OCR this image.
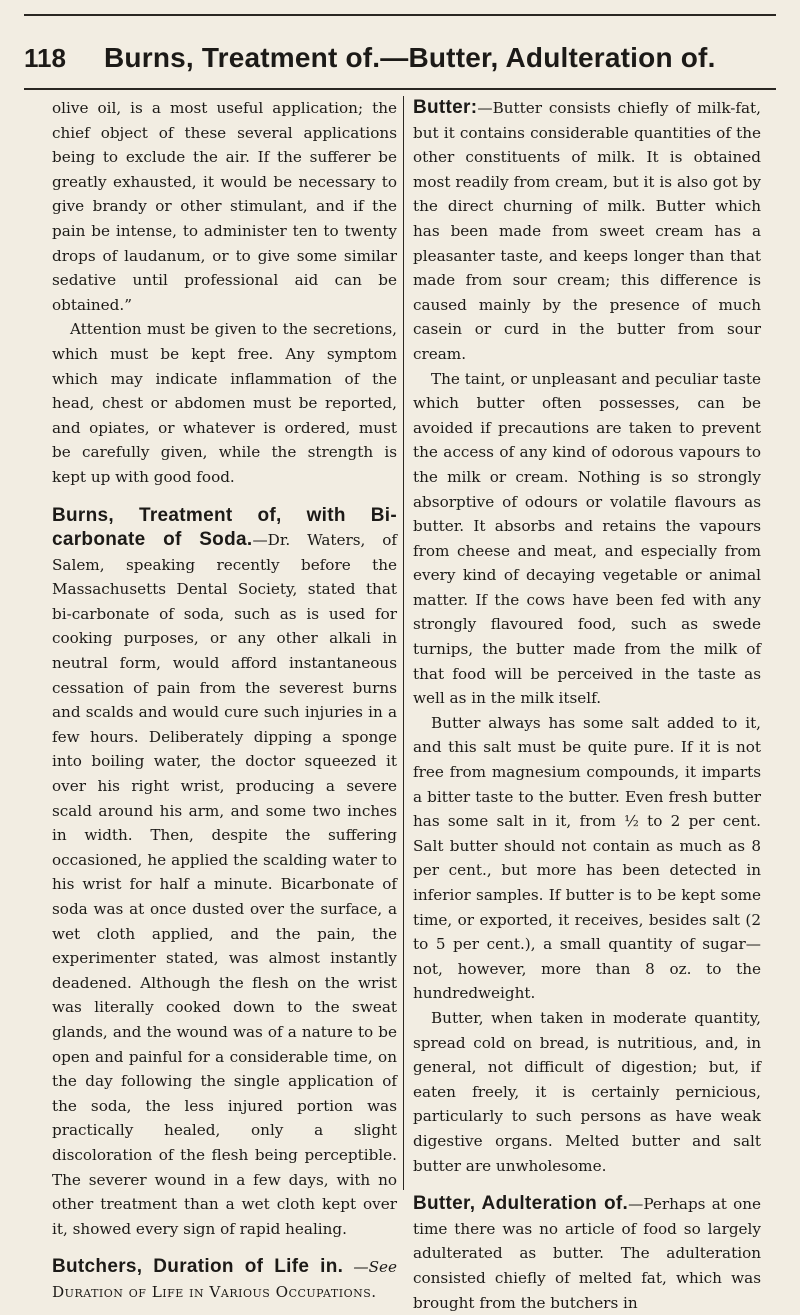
118	Burns, Treatment of.—Butter, Adulteration of.

olive oil, is a most useful application; the chief object of these several applications being to exclude the air. If the sufferer be greatly exhausted, it would be necessary to give brandy or other stimulant, and if the pain be intense, to administer ten to twenty drops of laudanum, or to give some similar sedative until professional aid can be obtained.”

Attention must be given to the secretions, which must be kept free. Any symptom which may indicate inflammation of the head, chest or abdomen must be reported, and opiates, or whatever is ordered, must be carefully given, while the strength is kept up with good food.

Burns, Treatment of, with Bi-carbonate of Soda.—Dr. Waters, of Salem, speaking recently before the Massachusetts Dental Society, stated that bi-carbonate of soda, such as is used for cooking purposes, or any other alkali in neutral form, would afford instantaneous cessation of pain from the severest burns and scalds and would cure such injuries in a few hours. Deliberately dipping a sponge into boiling water, the doctor squeezed it over his right wrist, producing a severe scald around his arm, and some two inches in width. Then, despite the suffering occasioned, he applied the scalding water to his wrist for half a minute. Bicarbonate of soda was at once dusted over the surface, a wet cloth applied, and the pain, the experimenter stated, was almost instantly deadened. Although the flesh on the wrist was literally cooked down to the sweat glands, and the wound was of a nature to be open and painful for a considerable time, on the day following the single application of the soda, the less injured portion was practically healed, only a slight discoloration of the flesh being perceptible. The severer wound in a few days, with no other treatment than a wet cloth kept over it, showed every sign of rapid healing.

Butchers, Duration of Life in. —See Duration of Life in Various Occupations.

Butter:—Butter consists chiefly of milk-fat, but it contains considerable quantities of the other constituents of milk. It is obtained most readily from cream, but it is also got by the direct churning of milk. Butter which has been made from sweet cream has a pleasanter taste, and keeps longer than that made from sour cream; this difference is caused mainly by the presence of much casein or curd in the butter from sour cream.

The taint, or unpleasant and peculiar taste which butter often possesses, can be avoided if precautions are taken to prevent the access of any kind of odorous vapours to the milk or cream. Nothing is so strongly absorptive of odours or volatile flavours as butter. It absorbs and retains the vapours from cheese and meat, and especially from every kind of decaying vegetable or animal matter. If the cows have been fed with any strongly flavoured food, such as swede turnips, the butter made from the milk of that food will be perceived in the taste as well as in the milk itself.

Butter always has some salt added to it, and this salt must be quite pure. If it is not free from magnesium compounds, it imparts a bitter taste to the butter. Even fresh butter has some salt in it, from ½ to 2 per cent. Salt butter should not contain as much as 8 per cent., but more has been detected in inferior samples. If butter is to be kept some time, or exported, it receives, besides salt (2 to 5 per cent.), a small quantity of sugar—not, however, more than 8 oz. to the hundredweight.

Butter, when taken in moderate quantity, spread cold on bread, is nutritious, and, in general, not difficult of digestion; but, if eaten freely, it is certainly pernicious, particularly to such persons as have weak digestive organs. Melted butter and salt butter are unwholesome.

Butter, Adulteration of.—Perhaps at one time there was no article of food so largely adulterated as butter. The adulteration consisted chiefly of melted fat, which was brought from the butchers in
